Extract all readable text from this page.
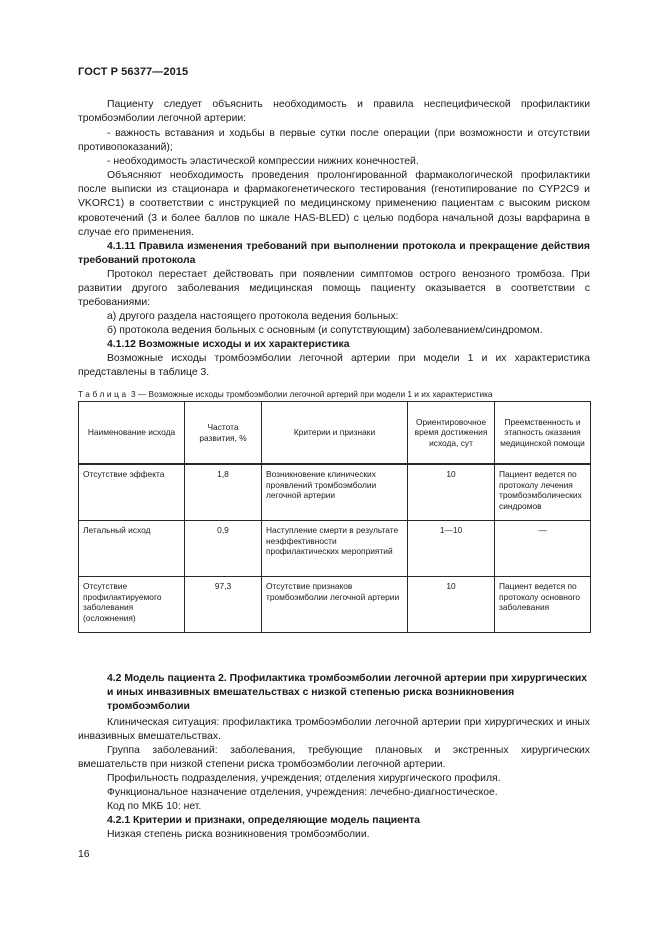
ГОСТ Р 56377—2015
Пациенту следует объяснить необходимость и правила неспецифической профилактики тромбоэмболии легочной артерии:
- важность вставания и ходьбы в первые сутки после операции (при возможности и отсутствии противопоказаний);
- необходимость эластической компрессии нижних конечностей.
Объясняют необходимость проведения пролонгированной фармакологической профилактики после выписки из стационара и фармакогенетического тестирования (генотипирование по CYP2C9 и VKORC1) в соответствии с инструкцией по медицинскому применению пациентам с высоким риском кровотечений (3 и более баллов по шкале HAS-BLED) с целью подбора начальной дозы варфарина в случае его применения.
4.1.11 Правила изменения требований при выполнении протокола и прекращение действия требований протокола
Протокол перестает действовать при появлении симптомов острого венозного тромбоза. При развитии другого заболевания медицинская помощь пациенту оказывается в соответствии с требованиями:
а) другого раздела настоящего протокола ведения больных:
б) протокола ведения больных с основным (и сопутствующим) заболеванием/синдромом.
4.1.12 Возможные исходы и их характеристика
Возможные исходы тромбоэмболии легочной артерии при модели 1 и их характеристика представлены в таблице 3.
Таблица 3 — Возможные исходы тромбоэмболии легочной артерий при модели 1 и их характеристика
Наименование исхода	Частота развития, %	Критерии и признаки	Ориентировочное время достижения исхода, сут	Преемственность и этапность оказания медицинской помощи
Отсутствие эффекта	1,8	Возникновение клинических проявлений тромбоэмболии легочной артерии	10	Пациент ведется по протоколу лечения тромбоэмболических синдромов
Летальный исход	0,9	Наступление смерти в результате неэффективности профилактических мероприятий	1—10	—
Отсутствие профилактируемого заболевания (осложнения)	97,3	Отсутствие признаков тромбоэмболии легочной артерии	10	Пациент ведется по протоколу основного заболевания
4.2 Модель пациента 2. Профилактика тромбоэмболии легочной артерии при хирургических и иных инвазивных вмешательствах с низкой степенью риска возникновения тромбоэмболии
Клиническая ситуация: профилактика тромбоэмболии легочной артерии при хирургических и иных инвазивных вмешательствах.
Группа заболеваний: заболевания, требующие плановых и экстренных хирургических вмешательств при низкой степени риска тромбоэмболии легочной артерии.
Профильность подразделения, учреждения; отделения хирургического профиля.
Функциональное назначение отделения, учреждения: лечебно-диагностическое.
Код по МКБ 10: нет.
4.2.1 Критерии и признаки, определяющие модель пациента
Низкая степень риска возникновения тромбоэмболии.
16
